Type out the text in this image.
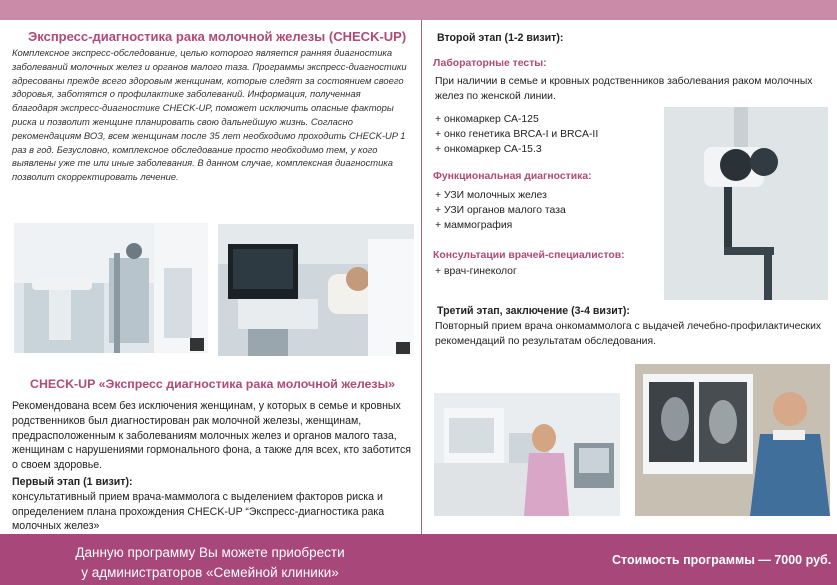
Экспресс-диагностика рака молочной железы (CHECK-UP)

Комплексное экспресс-обследование, целью которого является ранняя диагностика заболеваний молочных желез и органов малого таза. Программы экспресс-диагностики адресованы прежде всего здоровым женщинам, которые следят за состоянием своего здоровья, заботятся о профилактике заболеваний. Информация, полученная благодаря экспресс-диагностике CHECK-UP, поможет исключить опасные факторы риска и позволит женщине планировать свою дальнейшую жизнь. Согласно рекомендациям ВОЗ, всем женщинам после 35 лет необходимо проходить CHECK-UP 1 раз в год. Безусловно, комплексное обследование просто необходимо тем, у кого выявлены уже те или иные заболевания. В данном случае, комплексная диагностика позволит скорректировать лечение.

CHECK-UP «Экспресс диагностика рака молочной железы»

Рекомендована всем без исключения женщинам, у которых в семье и кровных родственников был диагностирован рак молочной железы, женщинам, предрасположенным к заболеваниям молочных желез и органов малого таза, женщинам с нарушениями гормонального фона, а также для всех, кто заботится о своем здоровье.

Первый этап (1 визит):
консультативный прием врача-маммолога с выделением факторов риска и определением плана прохождения CHECK-UP “Экспресс-диагностика рака молочных желез»
Второй этап (1-2 визит):
Лабораторные тесты:
При наличии в семье и кровных родственников заболевания раком молочных желез по женской линии.
+ онкомаркер СА-125
+ онко генетика BRCA-I и BRCA-II
+ онкомаркер СА-15.3
Функциональная диагностика:
+ УЗИ молочных желез
+ УЗИ органов малого таза
+ маммография
Консультации врачей-специалистов:
+ врач-гинеколог
Третий этап, заключение (3-4 визит):
Повторный прием врача онкомаммолога с выдачей лечебно-профилактических рекомендаций по результатам обследования.
Данную программу Вы можете приобрести
у администраторов «Семейной клиники»
Стоимость программы — 7000 руб.
